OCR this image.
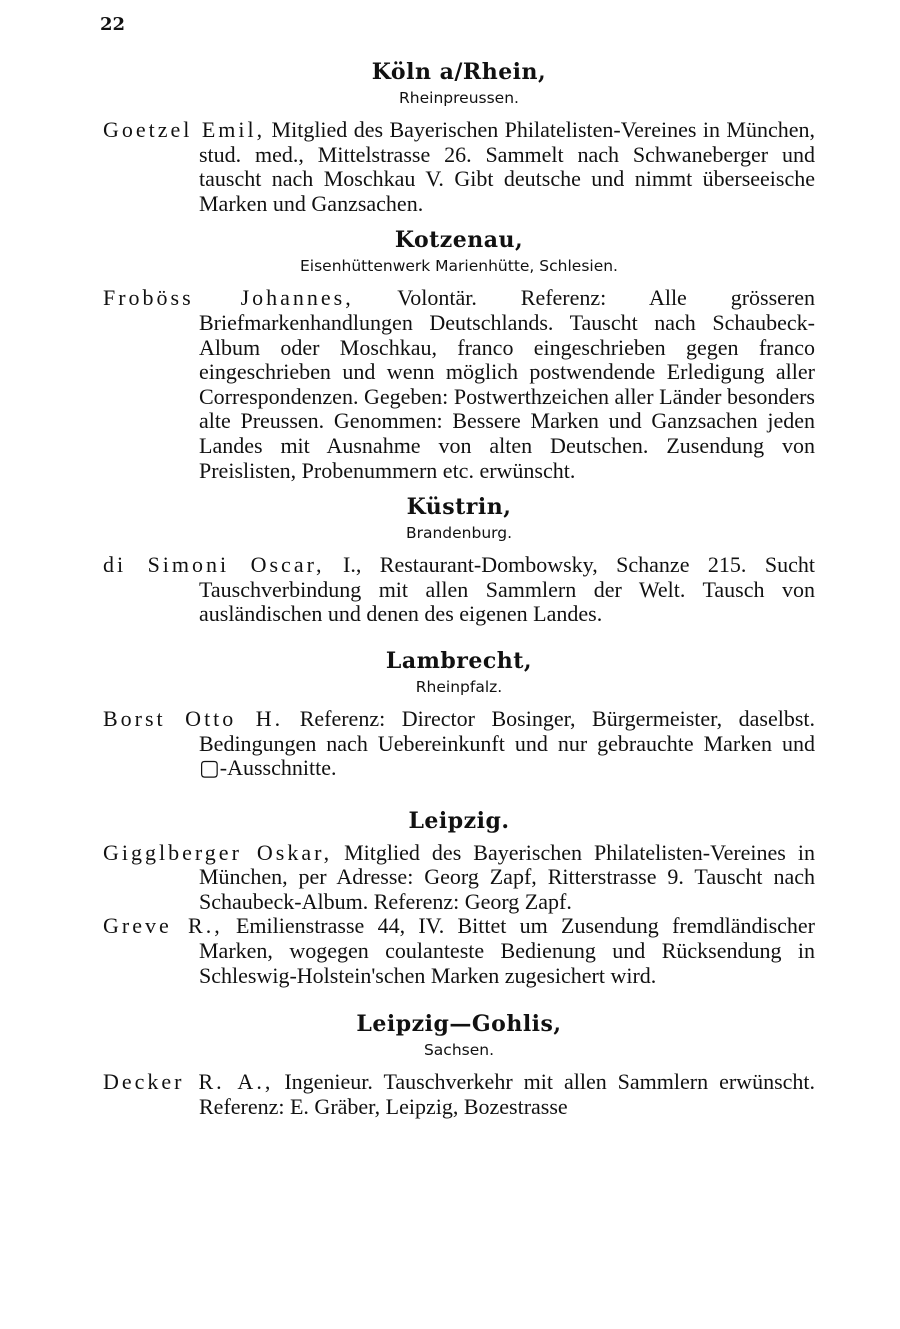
22
Köln a/Rhein,
Rheinpreussen.
Goetzel Emil, Mitglied des Bayerischen Philatelisten-Vereines in München, stud. med., Mittelstrasse 26. Sammelt nach Schwaneberger und tauscht nach Moschkau V. Gibt deutsche und nimmt überseeische Marken und Ganzsachen.
Kotzenau,
Eisenhüttenwerk Marienhütte, Schlesien.
Froböss Johannes, Volontär. Referenz: Alle grösseren Briefmarkenhandlungen Deutschlands. Tauscht nach Schaubeck-Album oder Moschkau, franco eingeschrieben gegen franco eingeschrieben und wenn möglich postwendende Erledigung aller Correspondenzen. Gegeben: Postwerthzeichen aller Länder besonders alte Preussen. Genommen: Bessere Marken und Ganzsachen jeden Landes mit Ausnahme von alten Deutschen. Zusendung von Preislisten, Probenummern etc. erwünscht.
Küstrin,
Brandenburg.
di Simoni Oscar, I., Restaurant-Dombowsky, Schanze 215. Sucht Tauschverbindung mit allen Sammlern der Welt. Tausch von ausländischen und denen des eigenen Landes.
Lambrecht,
Rheinpfalz.
Borst Otto H. Referenz: Director Bosinger, Bürgermeister, daselbst. Bedingungen nach Uebereinkunft und nur gebrauchte Marken und ▢-Ausschnitte.
Leipzig.
Gigglberger Oskar, Mitglied des Bayerischen Philatelisten-Vereines in München, per Adresse: Georg Zapf, Ritterstrasse 9. Tauscht nach Schaubeck-Album. Referenz: Georg Zapf.
Greve R., Emilienstrasse 44, IV. Bittet um Zusendung fremdländischer Marken, wogegen coulanteste Bedienung und Rücksendung in Schleswig-Holstein'schen Marken zugesichert wird.
Leipzig—Gohlis,
Sachsen.
Decker R. A., Ingenieur. Tauschverkehr mit allen Sammlern erwünscht. Referenz: E. Gräber, Leipzig, Bozestrasse
